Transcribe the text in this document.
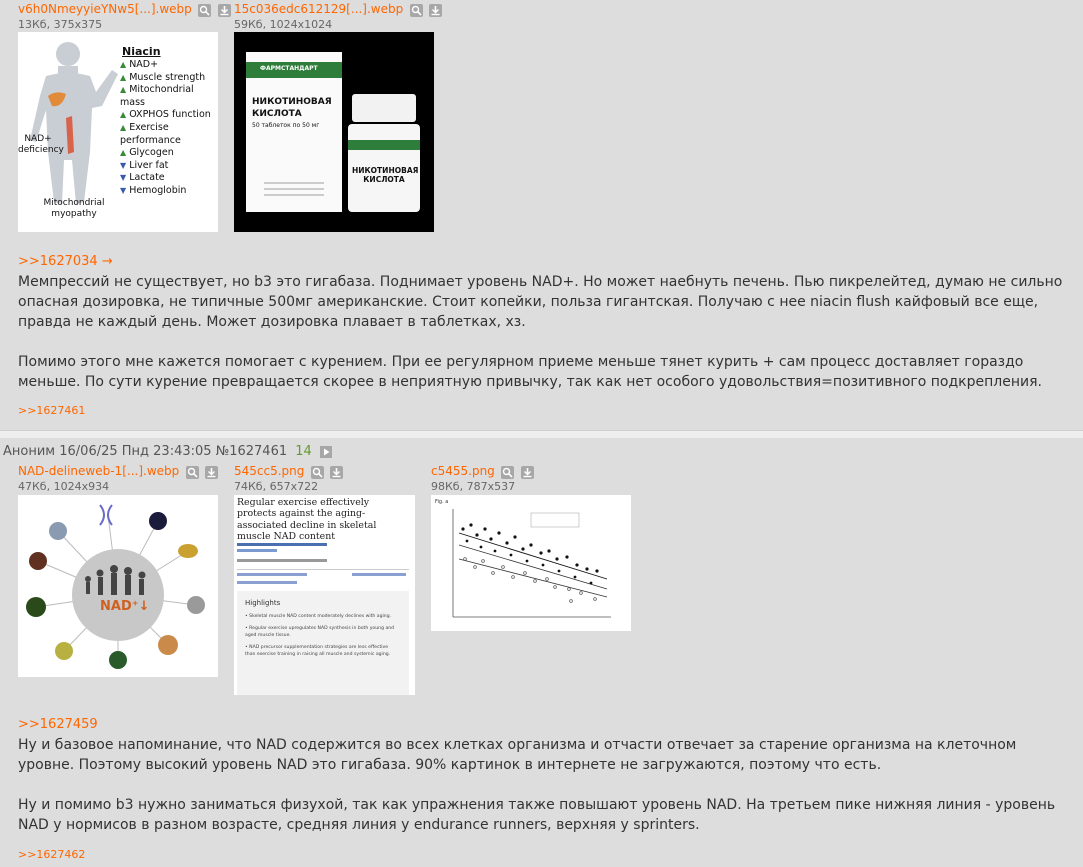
v6h0NmeyyieYNw5[...].webp

13Кб, 375x375
15c036edc612129[...].webp

59Кб, 1024x1024
Niacin
▲ NAD+
▲ Muscle strength
▲ Mitochondrial mass
▲ OXPHOS function
▲ Exercise performance
▲ Glycogen
▼ Liver fat
▼ Lactate
▼ Hemoglobin
NAD+ deficiency
Mitochondrial myopathy
ФАРМСТАНДАРТ
НИКОТИНОВАЯ КИСЛОТА
50 таблеток по 50 мг
НИКОТИНОВАЯ КИСЛОТА
>>1627034 →

Мемпрессий не существует, но b3 это гигабаза. Поднимает уровень NAD+. Но может наебнуть печень. Пью пикрелейтед, думаю не сильно опасная дозировка, не типичные 500мг американские. Стоит копейки, польза гигантская. Получаю с нее niacin flush кайфовый все еще, правда не каждый день. Может дозировка плавает в таблетках, хз.

Помимо этого мне кажется помогает с курением. При ее регулярном приеме меньше тянет курить + сам процесс доставляет гораздо меньше. По сути курение превращается скорее в неприятную привычку, так как нет особого удовольствия=позитивного подкрепления.

>>1627461
Аноним 16/06/25 Пнд 23:43:05 №1627461 14
NAD-delineweb-1[...].webp

47Кб, 1024x934
545cc5.png

74Кб, 657x722
c5455.png

98Кб, 787x537
NAD⁺↓
Regular exercise effectively protects against the aging-associated decline in skeletal muscle NAD content
Highlights
• Skeletal muscle NAD content moderately declines with aging.
• Regular exercise upregulates NAD synthesis in both young and aged muscle tissue.
• NAD precursor supplementation strategies are less effective than exercise training in raising all muscle and systemic aging.
Fig. a
>>1627459

Ну и базовое напоминание, что NAD содержится во всех клетках организма и отчасти отвечает за старение организма на клеточном уровне. Поэтому высокий уровень NAD это гигабаза. 90% картинок в интернете не загружаются, поэтому что есть.

Ну и помимо b3 нужно заниматься физухой, так как упражнения также повышают уровень NAD. На третьем пике нижняя линия - уровень NAD у нормисов в разном возрасте, средняя линия у endurance runners, верхняя у sprinters.

>>1627462
